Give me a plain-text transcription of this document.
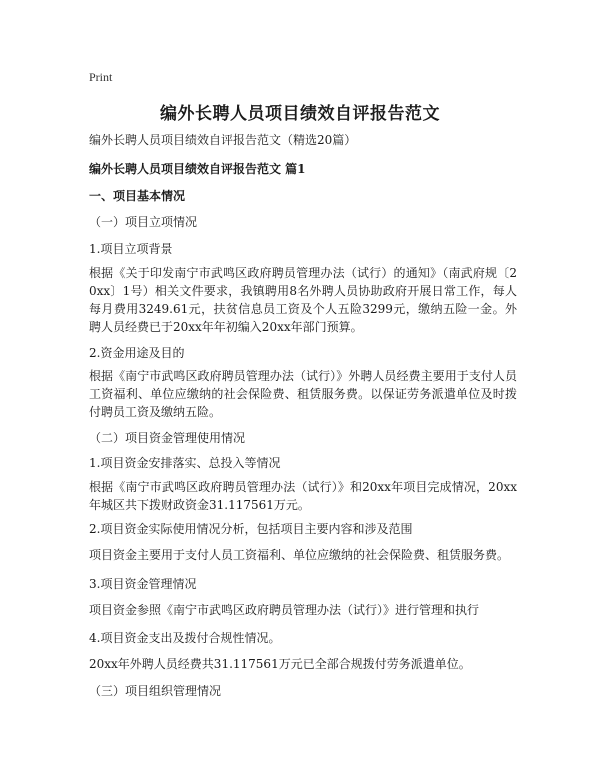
Print
编外长聘人员项目绩效自评报告范文
编外长聘人员项目绩效自评报告范文（精选20篇）
编外长聘人员项目绩效自评报告范文 篇1
一、项目基本情况
（一）项目立项情况
1.项目立项背景
根据《关于印发南宁市武鸣区政府聘员管理办法（试行）的通知》（南武府规〔20xx〕1号）相关文件要求，我镇聘用8名外聘人员协助政府开展日常工作，每人每月费用3249.61元，扶贫信息员工资及个人五险3299元，缴纳五险一金。外聘人员经费已于20xx年年初编入20xx年部门预算。
2.资金用途及目的
根据《南宁市武鸣区政府聘员管理办法（试行）》外聘人员经费主要用于支付人员工资福利、单位应缴纳的社会保险费、租赁服务费。以保证劳务派遣单位及时拨付聘员工资及缴纳五险。
（二）项目资金管理使用情况
1.项目资金安排落实、总投入等情况
根据《南宁市武鸣区政府聘员管理办法（试行）》和20xx年项目完成情况，20xx年城区共下拨财政资金31.117561万元。
2.项目资金实际使用情况分析，包括项目主要内容和涉及范围
项目资金主要用于支付人员工资福利、单位应缴纳的社会保险费、租赁服务费。
3.项目资金管理情况
项目资金参照《南宁市武鸣区政府聘员管理办法（试行）》进行管理和执行
4.项目资金支出及拨付合规性情况。
20xx年外聘人员经费共31.117561万元已全部合规拨付劳务派遣单位。
（三）项目组织管理情况
